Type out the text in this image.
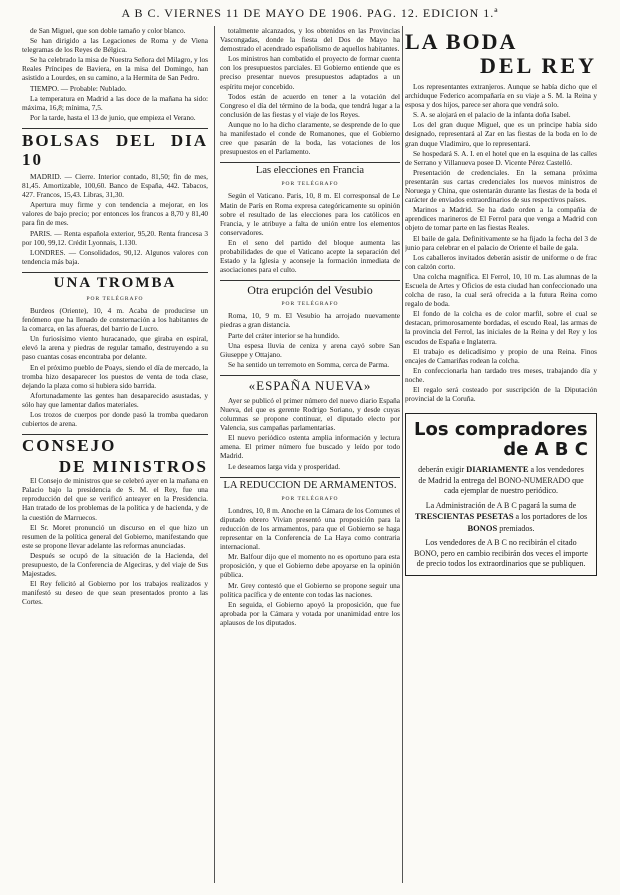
A B C. VIERNES 11 DE MAYO DE 1906. PAG. 12. EDICION 1.ª

de San Miguel, que son doble tamaño y color blanco.

Se han dirigido a las Legaciones de Roma y de Viena telegramas de los Reyes de Bélgica.

Se ha celebrado la misa de Nuestra Señora del Milagro, y los Reales Príncipes de Baviera, en la misa del Domingo, han asistido a Lourdes, en su camino, a la Hermita de San Pedro.

TIEMPO. — Probable: Nublado.

La temperatura en Madrid a las doce de la mañana ha sido: máxima, 16,8; mínima, 7,5.

Por la tarde, hasta el 13 de junio, que empieza el Verano.

BOLSAS DEL DIA 10

MADRID. — Cierre. Interior contado, 81,50; fin de mes, 81,45. Amortizable, 100,60. Banco de España, 442. Tabacos, 427. Francos, 15,43. Libras, 31,30.

Apertura muy firme y con tendencia a mejorar, en los valores de bajo precio; por entonces los francos a 8,70 y 81,40 para fin de mes.

PARIS. — Renta española exterior, 95,20. Renta francesa 3 por 100, 99,12. Crédit Lyonnais, 1.130.

LONDRES. — Consolidados, 90,12. Algunos valores con tendencia más baja.

UNA TROMBA

POR TELÉGRAFO

Burdeos (Oriente), 10, 4 m. Acaba de producirse un fenómeno que ha llenado de consternación a los habitantes de la comarca, en las afueras, del barrio de Lucro.

Un furiosísimo viento huracanado, que giraba en espiral, elevó la arena y piedras de regular tamaño, destruyendo a su paso cuantas cosas encontraba por delante.

En el próximo pueblo de Poays, siendo el día de mercado, la tromba hizo desaparecer los puestos de venta de toda clase, dejando la plaza como si hubiera sido barrida.

Afortunadamente las gentes han desaparecido asustadas, y sólo hay que lamentar daños materiales.

Los trozos de cuerpos por donde pasó la tromba quedaron cubiertos de arena.

CONSEJO
DE MINISTROS

El Consejo de ministros que se celebró ayer en la mañana en Palacio bajo la presidencia de S. M. el Rey, fue una reproducción del que se verificó anteayer en la Presidencia. Han tratado de los problemas de la política y de hacienda, y de la cuestión de Marruecos.

El Sr. Moret pronunció un discurso en el que hizo un resumen de la política general del Gobierno, manifestando que este se propone llevar adelante las reformas anunciadas.

Después se ocupó de la situación de la Hacienda, del presupuesto, de la Conferencia de Algeciras, y del viaje de Sus Majestades.

El Rey felicitó al Gobierno por los trabajos realizados y manifestó su deseo de que sean presentados pronto a las Cortes.

totalmente alcanzados, y los obtenidos en las Provincias Vascongadas, donde la fiesta del Dos de Mayo ha demostrado el acendrado españolismo de aquellos habitantes.

Los ministros han combatido el proyecto de formar cuenta con los presupuestos parciales. El Gobierno entiende que es preciso presentar nuevos presupuestos adaptados a un espíritu mejor concebido.

Todos están de acuerdo en tener a la votación del Congreso el día del término de la boda, que tendrá lugar a la conclusión de las fiestas y el viaje de los Reyes.

Aunque no lo ha dicho claramente, se desprende de lo que ha manifestado el conde de Romanones, que el Gobierno cree que pasarán de la boda, las votaciones de los presupuestos en el Parlamento.

Las elecciones en Francia

POR TELÉGRAFO

Según el Vaticano. Paris, 10, 8 m. El corresponsal de Le Matin de París en Roma expresa categóricamente su opinión sobre el resultado de las elecciones para los católicos en Francia, y le atribuye a falta de unión entre los elementos conservadores.

En el seno del partido del bloque aumenta las probabilidades de que el Vaticano acepte la separación del Estado y la Iglesia y aconseje la formación inmediata de asociaciones para el culto.

Otra erupción del Vesubio

POR TELÉGRAFO

Roma, 10, 9 m. El Vesubio ha arrojado nuevamente piedras a gran distancia.

Parte del cráter interior se ha hundido.

Una espesa lluvia de ceniza y arena cayó sobre San Giuseppe y Ottajano.

Se ha sentido un terremoto en Somma, cerca de Parma.

«ESPAÑA NUEVA»

Ayer se publicó el primer número del nuevo diario España Nueva, del que es gerente Rodrigo Soriano, y desde cuyas columnas se propone continuar, el diputado electo por Valencia, sus campañas parlamentarias.

El nuevo periódico ostenta amplia información y lectura amena. El primer número fue buscado y leído por todo Madrid.

Le deseamos larga vida y prosperidad.

LA REDUCCION DE ARMAMENTOS.

POR TELÉGRAFO

Londres, 10, 8 m. Anoche en la Cámara de los Comunes el diputado obrero Vivian presentó una proposición para la reducción de los armamentos, para que el Gobierno se haga representar en la Conferencia de La Haya como contraria internacional.

Mr. Balfour dijo que el momento no es oportuno para esta proposición, y que el Gobierno debe apoyarse en la opinión pública.

Mr. Grey contestó que el Gobierno se propone seguir una política pacífica y de entente con todas las naciones.

En seguida, el Gobierno apoyó la proposición, que fue aprobada por la Cámara y votada por unanimidad entre los aplausos de los diputados.

LA BODA
DEL REY

Los representantes extranjeros. Aunque se había dicho que el archiduque Federico acompañaría en su viaje a S. M. la Reina y esposa y dos hijos, parece ser ahora que vendrá solo.

S. A. se alojará en el palacio de la infanta doña Isabel.

Los del gran duque Miguel, que es un príncipe había sido designado, representará al Zar en las fiestas de la boda en lo de gran duque Vladimiro, que lo representará.

Se hospedará S. A. I. en el hotel que en la esquina de las calles de Serrano y Villanueva posee D. Vicente Pérez Castelló.

Presentación de credenciales. En la semana próxima presentarán sus cartas credenciales los nuevos ministros de Noruega y China, que ostentarán durante las fiestas de la boda el carácter de enviados extraordinarios de sus respectivos países.

Marinos a Madrid. Se ha dado orden a la compañía de aprendices marineros de El Ferrol para que venga a Madrid con objeto de tomar parte en las fiestas Reales.

El baile de gala. Definitivamente se ha fijado la fecha del 3 de junio para celebrar en el palacio de Oriente el baile de gala.

Los caballeros invitados deberán asistir de uniforme o de frac con calzón corto.

Una colcha magnífica. El Ferrol, 10, 10 m. Las alumnas de la Escuela de Artes y Oficios de esta ciudad han confeccionado una colcha de raso, la cual será ofrecida a la futura Reina como regalo de boda.

El fondo de la colcha es de color marfil, sobre el cual se destacan, primorosamente bordadas, el escudo Real, las armas de la provincia del Ferrol, las iniciales de la Reina y del Rey y los escudos de España e Inglaterra.

El trabajo es delicadísimo y propio de una Reina. Finos encajes de Camariñas rodean la colcha.

En confeccionarla han tardado tres meses, trabajando día y noche.

El regalo será costeado por suscripción de la Diputación provincial de la Coruña.

Los compradores
de A B C

deberán exigir DIARIAMENTE a los vendedores de Madrid la entrega del BONO-NUMERADO que cada ejemplar de nuestro periódico.

La Administración de A B C pagará la suma de TRESCIENTAS PESETAS a los portadores de los BONOS premiados.

Los vendedores de A B C no recibirán el citado BONO, pero en cambio recibirán dos veces el importe de precio todos los extraordinarios que se publiquen.
